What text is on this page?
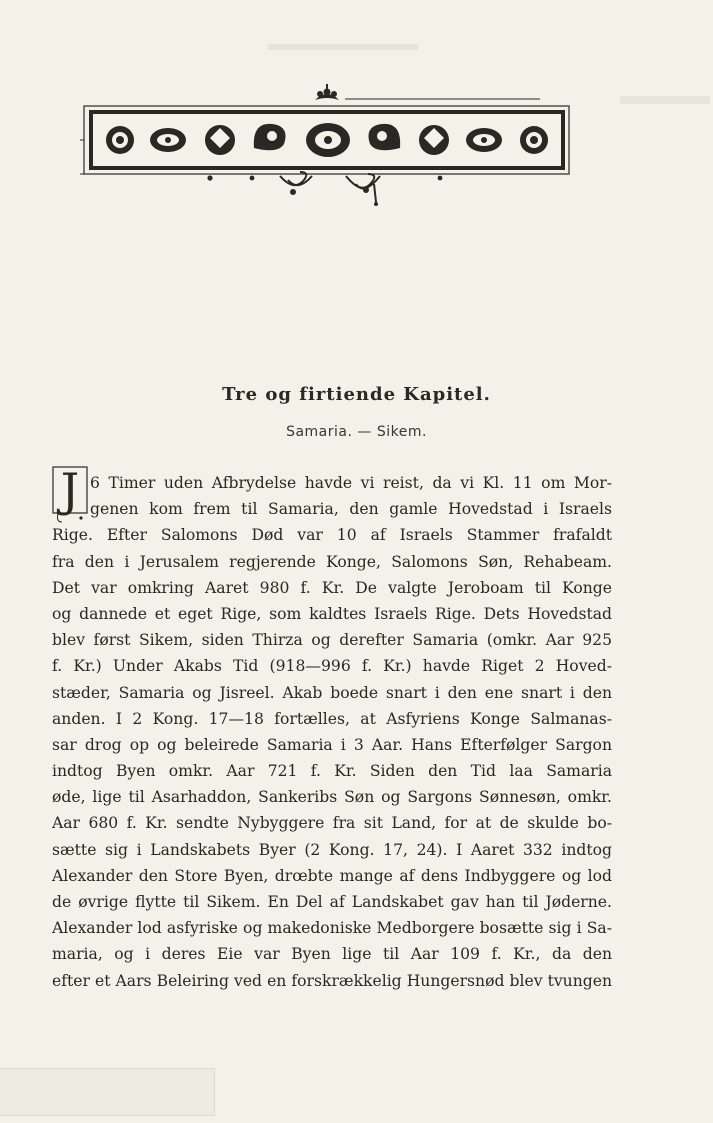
Tre og firtiende Kapitel.
Samaria. — Sikem.
J 6 Timer uden Afbrydelse havde vi reist, da vi Kl. 11 om Mor-
genen kom frem til Samaria, den gamle Hovedstad i Israels
Rige. Efter Salomons Død var 10 af Israels Stammer frafaldt
fra den i Jerusalem regjerende Konge, Salomons Søn, Rehabeam.
Det var omkring Aaret 980 f. Kr. De valgte Jeroboam til Konge
og dannede et eget Rige, som kaldtes Israels Rige. Dets Hovedstad
blev først Sikem, siden Thirza og derefter Samaria (omkr. Aar 925
f. Kr.) Under Akabs Tid (918—996 f. Kr.) havde Riget 2 Hoved-
stæder, Samaria og Jisreel. Akab boede snart i den ene snart i den
anden. I 2 Kong. 17—18 fortælles, at Asfyriens Konge Salmanas-
sar drog op og beleirede Samaria i 3 Aar. Hans Efterfølger Sargon
indtog Byen omkr. Aar 721 f. Kr. Siden den Tid laa Samaria
øde, lige til Asarhaddon, Sankeribs Søn og Sargons Sønnesøn, omkr.
Aar 680 f. Kr. sendte Nybyggere fra sit Land, for at de skulde bo-
sætte sig i Landskabets Byer (2 Kong. 17, 24). I Aaret 332 indtog
Alexander den Store Byen, drœbte mange af dens Indbyggere og lod
de øvrige flytte til Sikem. En Del af Landskabet gav han til Jøderne.
Alexander lod asfyriske og makedoniske Medborgere bosætte sig i Sa-
maria, og i deres Eie var Byen lige til Aar 109 f. Kr., da den
efter et Aars Beleiring ved en forskrækkelig Hungersnød blev tvungen
